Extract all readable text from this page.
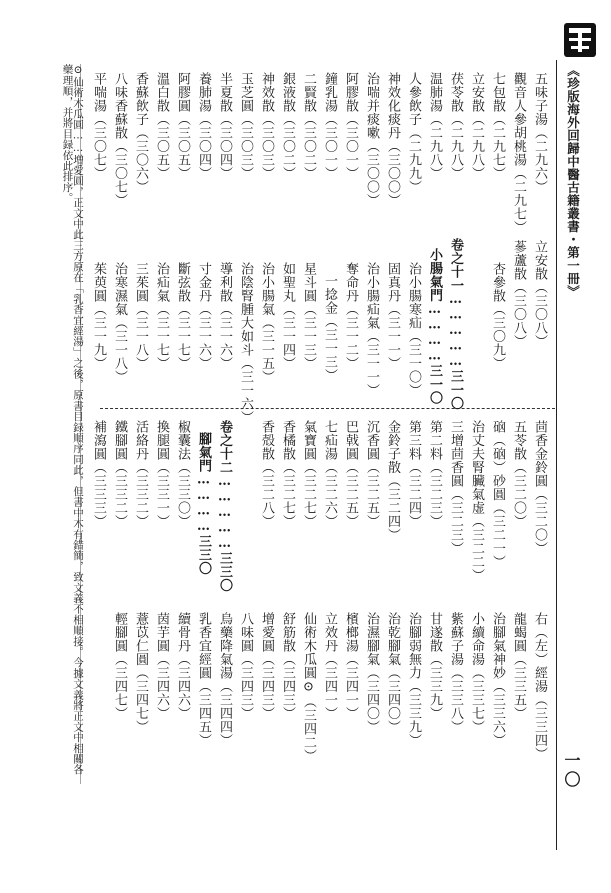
《珍版海外回歸中醫古籍叢書・第一冊》
一〇
⊙仙術木瓜圓……増愛圓，正文中此三方原在「乳香宜經湯」之後，原書目録順序同此，但書中木有錯簡，致文義不相順接。今據文義將正文中相關各藥理順，并將目録依此排序。	五味子湯（二九六）
立安散（三〇八）
觀音人參胡桃湯（二九七）
蔘蘆散（三〇八）
七包散（二九七）
杏參散（三〇九）
立安散（二九八）
茯苓散（二九八）
卷之十一……………三一〇
温肺湯（二九八）
小腸氣門…………三一〇
人參飲子（二九九）
治小腸寒疝（三一〇）
神效化痰丹（三〇〇）
固真丹（三一一）
治喘并痰嗽（三〇〇）
治小腸疝氣（三一一）
阿膠散（三〇一）
奪命丹（三一二）
鐘乳湯（三〇一）
一捻金（三一三）
二賢散（三〇二）
星斗圓（三一三）
銀液散（三〇二）
如聖丸（三一四）
神效散（三〇三）
治小腸氣（三一五）
玉芝圓（三〇三）
治陰腎腫大如斗（三一六）
半夏散（三〇四）
導利散（三一六）
養肺湯（三〇四）
寸金丹（三一六）
阿膠圓（三〇五）
斷弦散（三一七）
溫白散（三〇五）
治疝氣（三一七）
香蘇飲子（三〇六）
三茱圓（三一八）
八味香蘇散（三〇七）
治寒濕氣（三一八）
平喘湯（三〇七）
茱萸圓（三一九）
茴香金鈴圓（三二〇）
右（左）經湯（三三四）
五苓散（三二〇）
龍蝎圓（三三五）
硇（硇）砂圓（三二一）
治腳氣神妙（三三六）
治丈夫腎臟氣虚（三二二）
小續命湯（三三七）
三增茴香圓（三二三）
紫蘇子湯（三三八）
第二料（三二三）
甘遂散（三三九）
第三料（三二四）
治腳弱無力（三三九）
金鈴子散（三二四）
治乾腳氣（三四〇）
沉香圓（三二五）
治濕腳氣（三四〇）
巴戟圓（三二五）
檳榔湯（三四一）
七疝湯（三二六）
立效丹（三四一）
氣寶圓（三二七）
仙術木瓜圓⊙（三四二）
香橘散（三二七）
舒筋散（三四三）
香殻散（三二八）
增愛圓（三四三）
八味圓（三四三）
卷之十二……………三三〇
烏藥降氣湯（三四四）
腳氣門…………三三〇
乳香宜經圓（三四五）
椒囊法（三三〇）
續骨丹（三四六）
換腿圓（三三一）
茵芋圓（三四六）
活絡丹（三三二）
薏苡仁圓（三四七）
鐵腳圓（三三二）
輕腳圓（三四七）
補瀉圓（三三三）
